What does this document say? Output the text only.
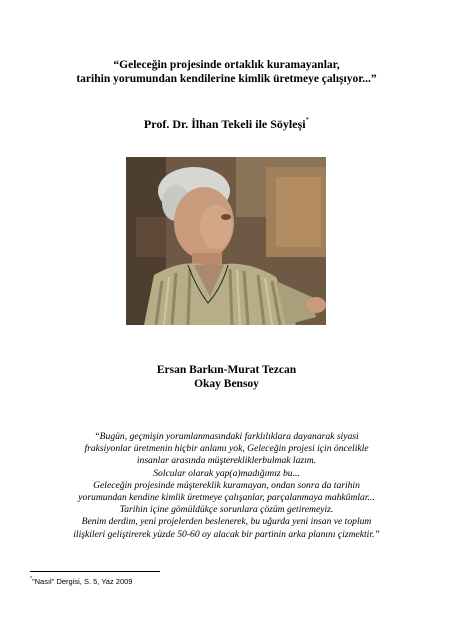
“Geleceğin projesinde ortaklık kuramayanlar,
tarihin yorumundan kendilerine kimlik üretmeye çalışıyor...”
Prof. Dr. İlhan Tekeli ile Söyleşi*
Ersan Barkın-Murat Tezcan
Okay Bensoy
“Bugün, geçmişin yorumlanmasındaki farklılıklara dayanarak siyasi
fraksiyonlar üretmenin hiçbir anlamı yok, Geleceğin projesi için öncelikle
insanlar arasında müşterekliklerbulmak lazım.
Solcular olarak yap(a)madığımız bu...
Geleceğin projesinde müştereklik kuramayan, ondan sonra da tarihin
yorumundan kendine kimlik üretmeye çalışanlar, parçalanmaya mahkûmlar...
Tarihin içine gömüldükçe sorunlara çözüm getiremeyiz.
Benim derdim, yeni projelerden beslenerek, bu uğurda yeni insan ve toplum
ilişkileri geliştirerek yüzde 50-60 oy alacak bir partinin arka planını çizmektir.”
*"Nasıl" Dergisi, S. 5, Yaz 2009
